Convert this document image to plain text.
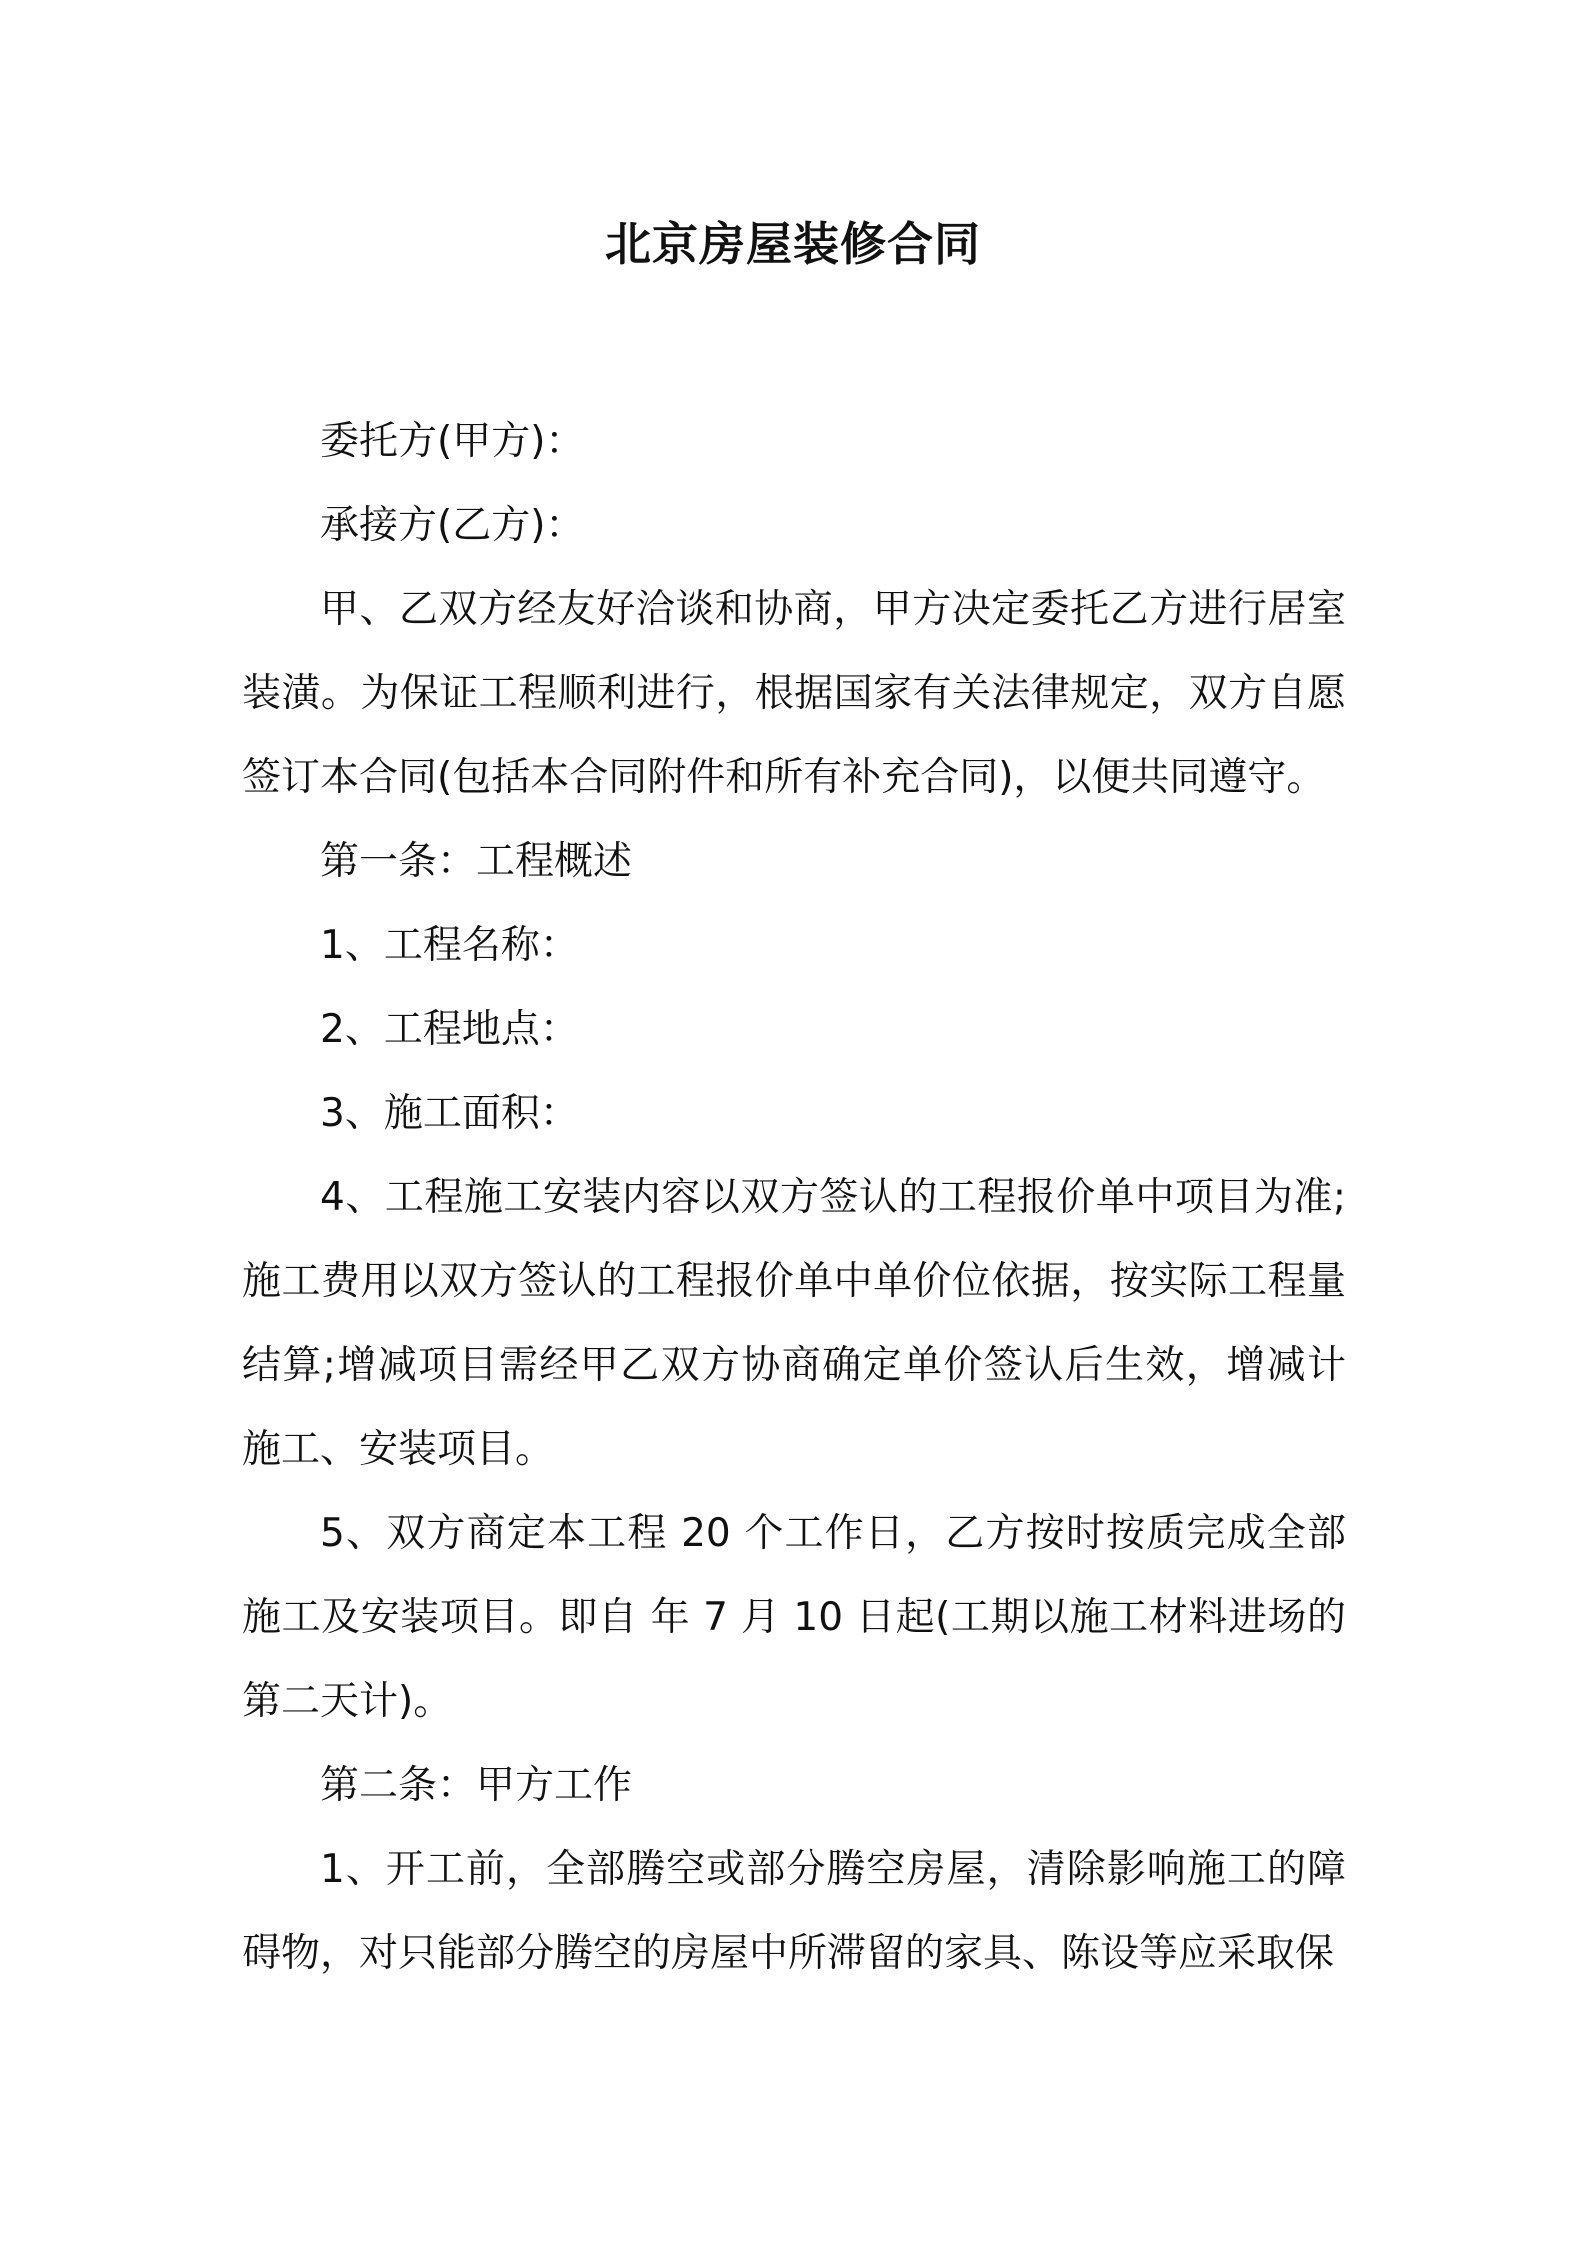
北京房屋装修合同

委托方(甲方)：

承接方(乙方)：

甲、乙双方经友好洽谈和协商，甲方决定委托乙方进行居室装潢。为保证工程顺利进行，根据国家有关法律规定，双方自愿签订本合同(包括本合同附件和所有补充合同)，以便共同遵守。

第一条：工程概述

1、工程名称：

2、工程地点：

3、施工面积：

4、工程施工安装内容以双方签认的工程报价单中项目为准;施工费用以双方签认的工程报价单中单价位依据，按实际工程量结算;增减项目需经甲乙双方协商确定单价签认后生效，增减计施工、安装项目。

5、双方商定本工程 20 个工作日，乙方按时按质完成全部施工及安装项目。即自 年 7 月 10 日起(工期以施工材料进场的第二天计)。

第二条：甲方工作

1、开工前，全部腾空或部分腾空房屋，清除影响施工的障碍物，对只能部分腾空的房屋中所滞留的家具、陈设等应采取保
